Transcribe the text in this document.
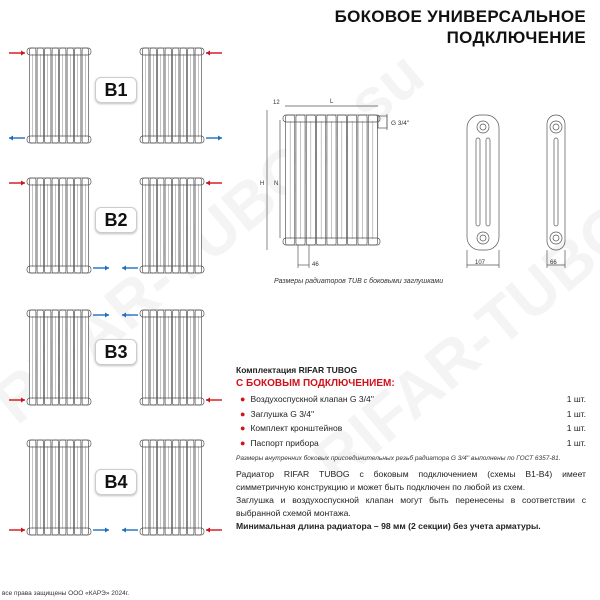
БОКОВОЕ УНИВЕРСАЛЬНОЕ
ПОДКЛЮЧЕНИЕ
B1
B2
B3
B4
12	L
H N
46
G 3/4''
107	66
Размеры радиаторов TUB с боковыми заглушками
Комплектация RIFAR TUBOG
С БОКОВЫМ ПОДКЛЮЧЕНИЕМ:
● Воздухоспускной клапан G 3/4''	1 шт.
● Заглушка G 3/4''	1 шт.
● Комплект кронштейнов	1 шт.
● Паспорт прибора	1 шт.
Размеры внутренних боковых присоединительных резьб радиатора G 3/4'' выполнены по ГОСТ 6357-81.
Радиатор RIFAR TUBOG с боковым подключением (схемы B1-B4) имеет симметричную конструкцию и может быть подключен по любой из схем.
Заглушка и воздухоспускной клапан могут быть перенесены в соответствии с выбранной схемой монтажа.
Минимальная длина радиатора – 98 мм (2 секции) без учета арматуры.
все права защищены ООО «КАРЭ» 2024г.
